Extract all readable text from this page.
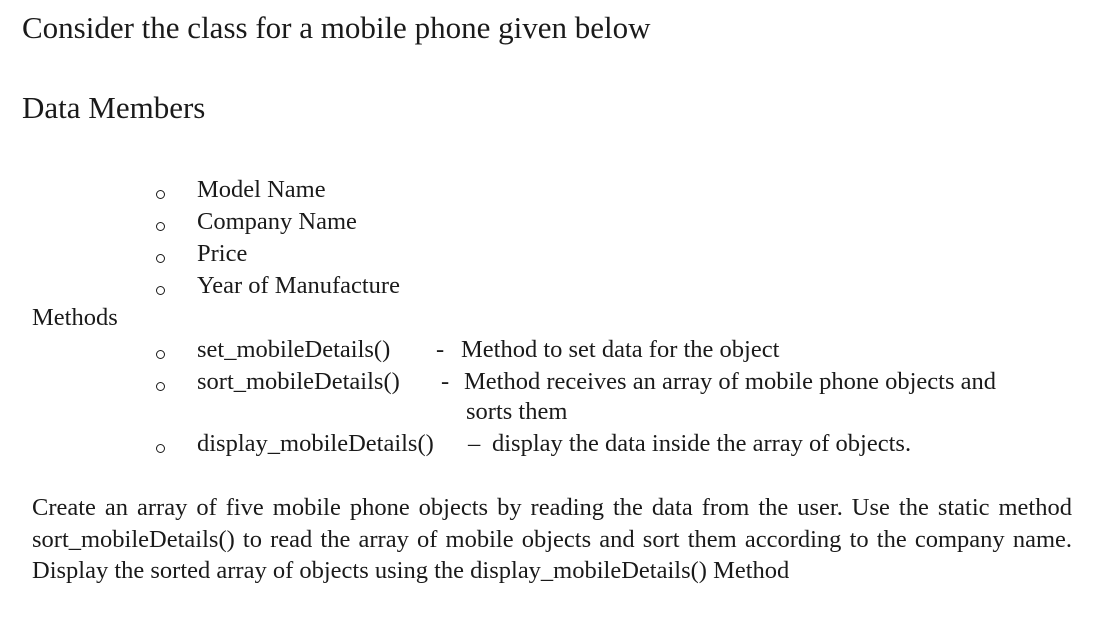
Consider the class for a mobile phone given below
Data Members
Model Name
Company Name
Price
Year of Manufacture
Methods
set_mobileDetails() - Method to set data for the object
sort_mobileDetails() - Method receives an array of mobile phone objects and
sorts them
display_mobileDetails() – display the data inside the array of objects.

Create an array of five mobile phone objects by reading the data from the user. Use the static method sort_mobileDetails() to read the array of mobile objects and sort them according to the company name. Display the sorted array of objects using the display_mobileDetails() Method
